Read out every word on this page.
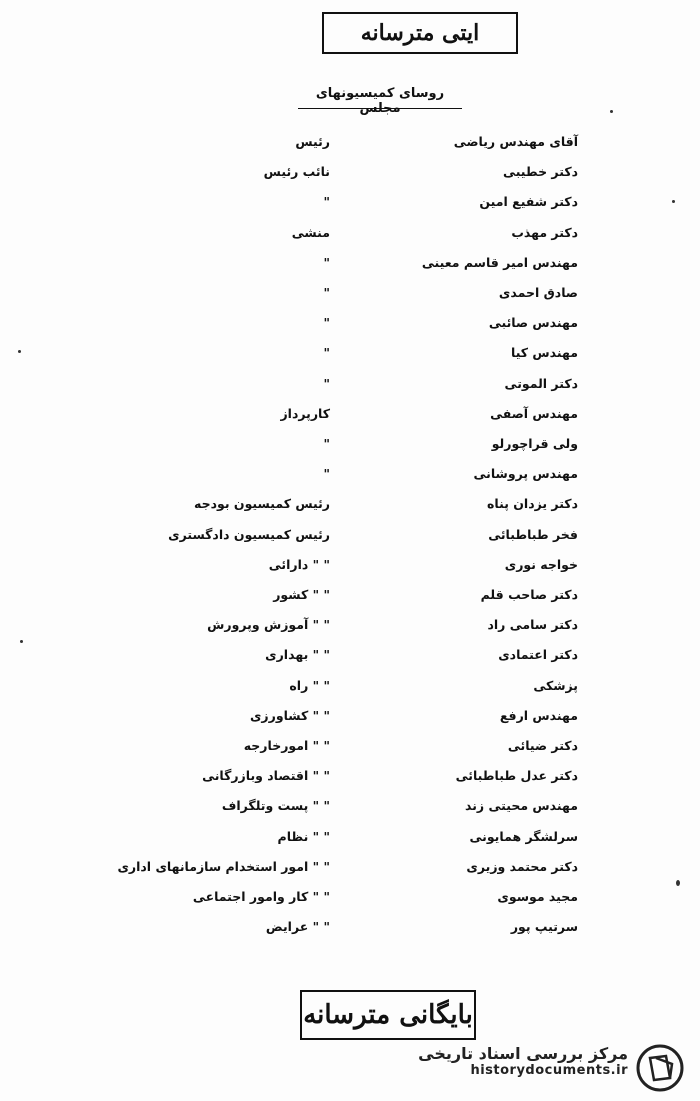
ایتی مترسانه
روسای کمیسیونهای مجلس
آقای مهندس ریاضی
رئیس
دکتر خطیبی
نائب رئیس
دکتر شفیع امین
"
دکتر مهذب
منشی
مهندس امیر قاسم معینی
"
صادق احمدی
"
مهندس صائبی
"
مهندس کیا
"
دکتر الموتی
"
مهندس آصفی
کارپرداز
ولی قراچورلو
"
مهندس پروشانی
"
دکتر یزدان پناه
رئیس کمیسیون بودجه
فخر طباطبائی
رئیس کمیسیون دادگستری
خواجه نوری
" " دارائی
دکتر صاحب قلم
" " کشور
دکتر سامی راد
" " آموزش وپرورش
دکتر اعتمادی
" " بهداری
پزشکی
" " راه
مهندس ارفع
" " کشاورزی
دکتر ضیائی
" " امورخارجه
دکتر عدل طباطبائی
" " اقتصاد وبازرگانی
مهندس محیتی زند
" " پست وتلگراف
سرلشگر همایونی
" " نظام
دکتر محتمد وزیری
" " امور استخدام سازمانهای اداری
مجید موسوی
" " کار وامور اجتماعی
سرتیپ پور
" " عرایض
بایگانی مترسانه
مرکز بررسی اسناد تاریخی
historydocuments.ir
